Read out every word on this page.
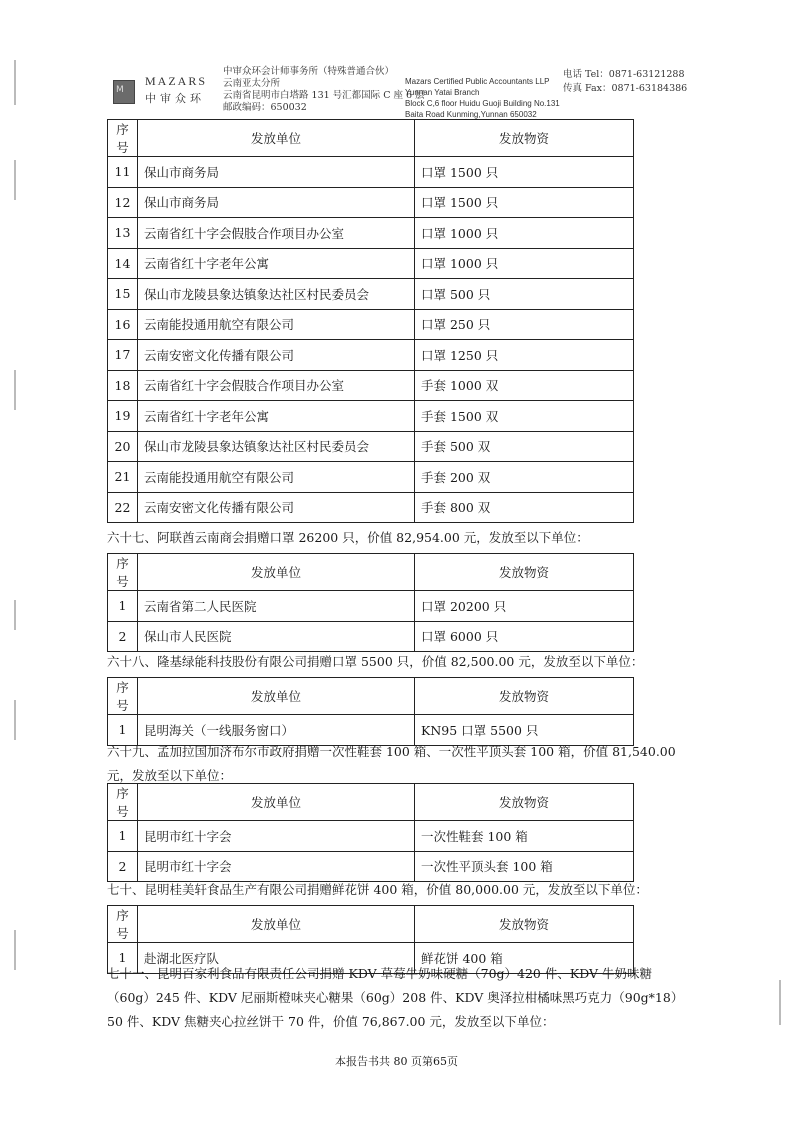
M
MAZARS
中审众环
中审众环会计师事务所（特殊普通合伙）
云南亚太分所
云南省昆明市白塔路 131 号汇都国际 C 座 6 层
邮政编码：650032
Mazars Certified Public Accountants LLP
Yunnan Yatai Branch
Block C,6 floor Huidu Guoji Building No.131
Baita Road Kunming,Yunnan 650032
电话 Tel：0871-63121288
传真 Fax：0871-63184386
序号	发放单位	发放物资
11	保山市商务局	口罩 1500 只
12	保山市商务局	口罩 1500 只
13	云南省红十字会假肢合作项目办公室	口罩 1000 只
14	云南省红十字老年公寓	口罩 1000 只
15	保山市龙陵县象达镇象达社区村民委员会	口罩 500 只
16	云南能投通用航空有限公司	口罩 250 只
17	云南安密文化传播有限公司	口罩 1250 只
18	云南省红十字会假肢合作项目办公室	手套 1000 双
19	云南省红十字老年公寓	手套 1500 双
20	保山市龙陵县象达镇象达社区村民委员会	手套 500 双
21	云南能投通用航空有限公司	手套 200 双
22	云南安密文化传播有限公司	手套 800 双
六十七、阿联酋云南商会捐赠口罩 26200 只，价值 82,954.00 元，发放至以下单位：
序号	发放单位	发放物资
1	云南省第二人民医院	口罩 20200 只
2	保山市人民医院	口罩 6000 只
六十八、隆基绿能科技股份有限公司捐赠口罩 5500 只，价值 82,500.00 元，发放至以下单位：
序号	发放单位	发放物资
1	昆明海关（一线服务窗口）	KN95 口罩 5500 只
六十九、孟加拉国加济布尔市政府捐赠一次性鞋套 100 箱、一次性平顶头套 100 箱，价值 81,540.00 元，发放至以下单位：
序号	发放单位	发放物资
1	昆明市红十字会	一次性鞋套 100 箱
2	昆明市红十字会	一次性平顶头套 100 箱
七十、昆明桂美轩食品生产有限公司捐赠鲜花饼 400 箱，价值 80,000.00 元，发放至以下单位：
序号	发放单位	发放物资
1	赴湖北医疗队	鲜花饼 400 箱
七十一、昆明百家利食品有限责任公司捐赠 KDV 草莓牛奶味硬糖（70g）420 件、KDV 牛奶味糖（60g）245 件、KDV 尼丽斯橙味夹心糖果（60g）208 件、KDV 奥泽拉柑橘味黑巧克力（90g*18）50 件、KDV 焦糖夹心拉丝饼干 70 件，价值 76,867.00 元，发放至以下单位：
本报告书共 80 页第65页
